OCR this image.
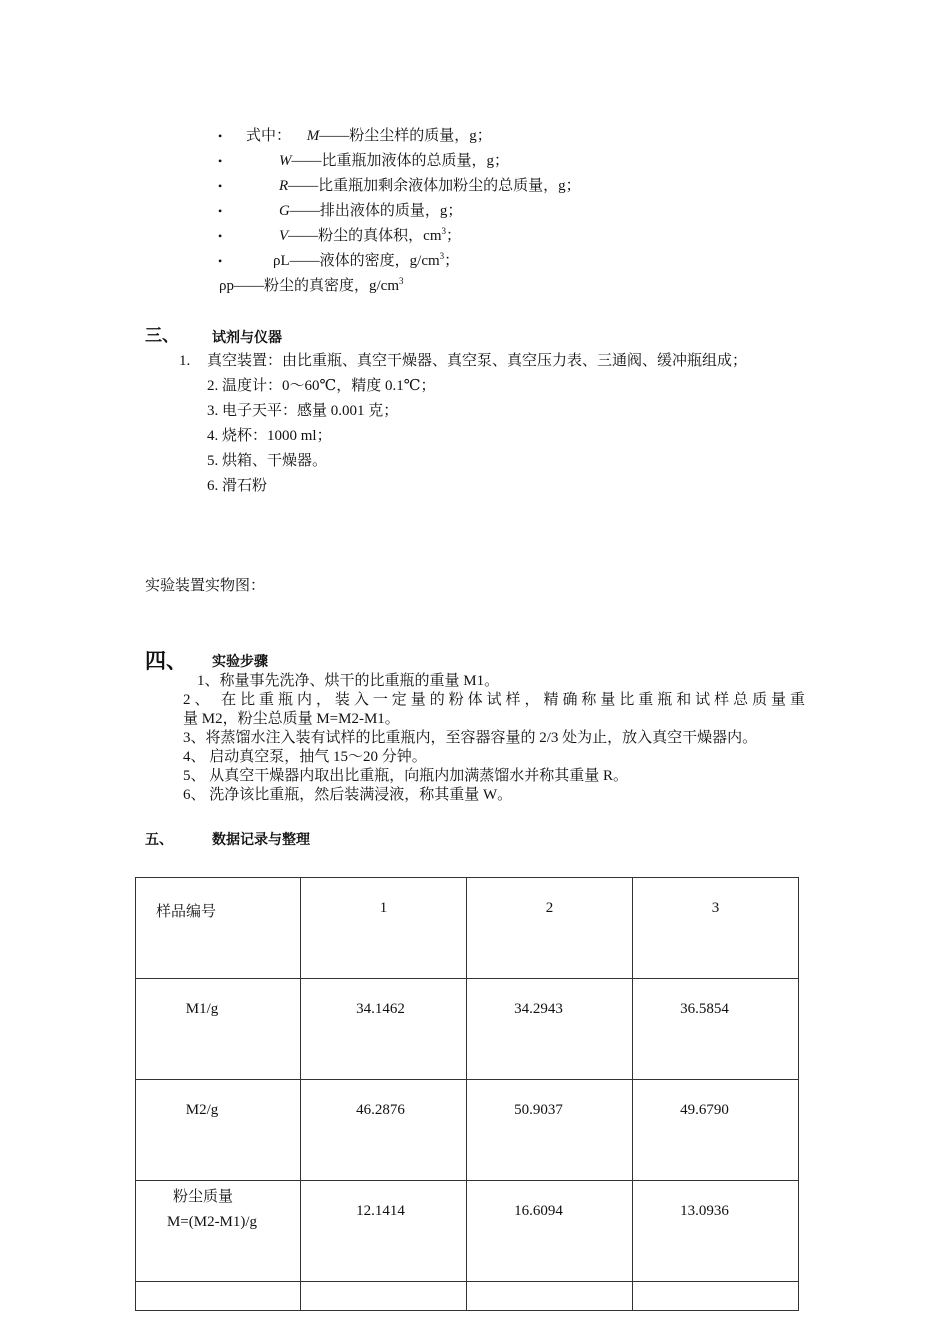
•	式中： M——粉尘尘样的质量，g；
•	W——比重瓶加液体的总质量，g；
•	R——比重瓶加剩余液体加粉尘的总质量，g；
•	G——排出液体的质量，g；
•	V——粉尘的真体积，$cm^3$；
•	ρL——液体的密度，$g/cm^3$；
ρp——粉尘的真密度，$g/cm^3$
三、 试剂与仪器
1. 真空装置：由比重瓶、真空干燥器、真空泵、真空压力表、三通阀、缓冲瓶组成；
2. 温度计：0～60℃，精度 0.1℃；
3. 电子天平：感量 0.001 克；
4. 烧杯：1000 ml；
5. 烘箱、干燥器。
6. 滑石粉
实验装置实物图：
四、 实验步骤
1、称量事先洗净、烘干的比重瓶的重量 M1。
2、 在比重瓶内，装入一定量的粉体试样，精确称量比重瓶和试样总质量重
量 M2，粉尘总质量 M=M2-M1。
3、将蒸馏水注入装有试样的比重瓶内，至容器容量的 2/3 处为止，放入真空干燥器内。
4、 启动真空泵，抽气 15～20 分钟。
5、 从真空干燥器内取出比重瓶，向瓶内加满蒸馏水并称其重量 R。
6、 洗净该比重瓶，然后装满浸液，称其重量 W。
五、	数据记录与整理
样品编号	1	2	3
M1/g	34.1462	34.2943	36.5854
M2/g	46.2876	50.9037	49.6790

粉尘质量
M=(M2-M1)/g	12.1414	16.6094	13.0936
